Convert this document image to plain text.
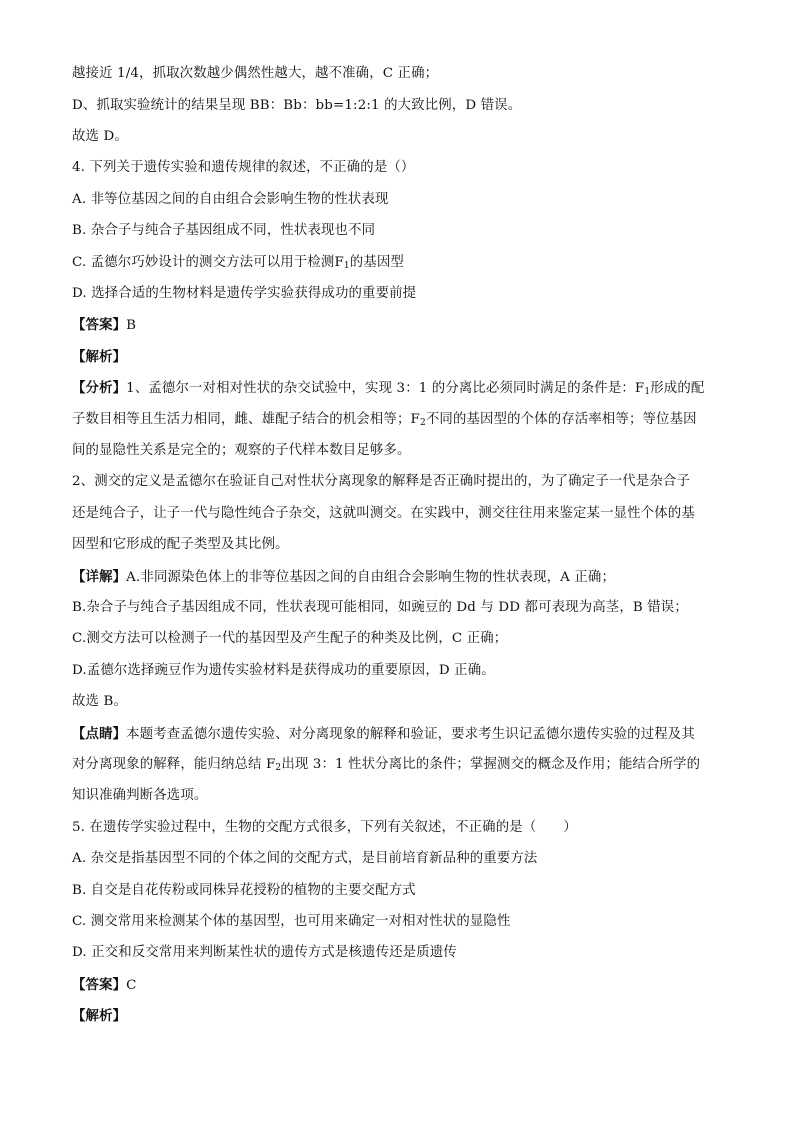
越接近 1/4，抓取次数越少偶然性越大，越不准确，C 正确；
D、抓取实验统计的结果呈现 BB：Bb：bb=1:2:1 的大致比例，D 错误。
故选 D。
4. 下列关于遗传实验和遗传规律的叙述，不正确的是（）
A. 非等位基因之间的自由组合会影响生物的性状表现
B. 杂合子与纯合子基因组成不同，性状表现也不同
C. 孟德尔巧妙设计的测交方法可以用于检测$F_1$的基因型
D. 选择合适的生物材料是遗传学实验获得成功的重要前提
【答案】B
【解析】
【分析】1、孟德尔一对相对性状的杂交试验中，实现 3：1 的分离比必须同时满足的条件是：$F_1$形成的配
子数目相等且生活力相同，雌、雄配子结合的机会相等；$F_2$不同的基因型的个体的存活率相等；等位基因
间的显隐性关系是完全的；观察的子代样本数目足够多。
2、测交的定义是孟德尔在验证自己对性状分离现象的解释是否正确时提出的，为了确定子一代是杂合子
还是纯合子，让子一代与隐性纯合子杂交，这就叫测交。在实践中，测交往往用来鉴定某一显性个体的基
因型和它形成的配子类型及其比例。
【详解】A.非同源染色体上的非等位基因之间的自由组合会影响生物的性状表现，A 正确；
B.杂合子与纯合子基因组成不同，性状表现可能相同，如豌豆的 Dd 与 DD 都可表现为高茎，B 错误；
C.测交方法可以检测子一代的基因型及产生配子的种类及比例，C 正确；
D.孟德尔选择豌豆作为遗传实验材料是获得成功的重要原因，D 正确。
故选 B。
【点睛】本题考查孟德尔遗传实验、对分离现象的解释和验证，要求考生识记孟德尔遗传实验的过程及其
对分离现象的解释，能归纳总结 $F_2$出现 3：1 性状分离比的条件；掌握测交的概念及作用；能结合所学的
知识准确判断各选项。
5. 在遗传学实验过程中，生物的交配方式很多，下列有关叙述，不正确的是（　　）
A. 杂交是指基因型不同的个体之间的交配方式，是目前培育新品种的重要方法
B. 自交是自花传粉或同株异花授粉的植物的主要交配方式
C. 测交常用来检测某个体的基因型，也可用来确定一对相对性状的显隐性
D. 正交和反交常用来判断某性状的遗传方式是核遗传还是质遗传
【答案】C
【解析】
